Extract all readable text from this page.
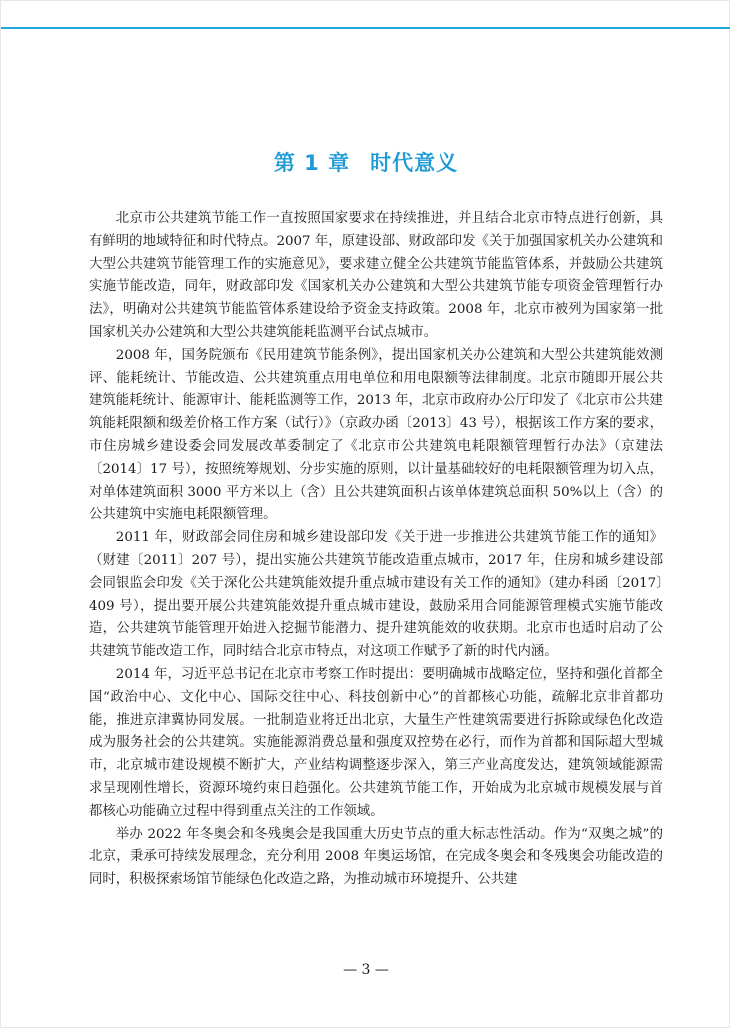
第 1 章 时代意义

北京市公共建筑节能工作一直按照国家要求在持续推进，并且结合北京市特点进行创新，具有鲜明的地域特征和时代特点。2007 年，原建设部、财政部印发《关于加强国家机关办公建筑和大型公共建筑节能管理工作的实施意见》，要求建立健全公共建筑节能监管体系，并鼓励公共建筑实施节能改造，同年，财政部印发《国家机关办公建筑和大型公共建筑节能专项资金管理暂行办法》，明确对公共建筑节能监管体系建设给予资金支持政策。2008 年，北京市被列为国家第一批国家机关办公建筑和大型公共建筑能耗监测平台试点城市。

2008 年，国务院颁布《民用建筑节能条例》，提出国家机关办公建筑和大型公共建筑能效测评、能耗统计、节能改造、公共建筑重点用电单位和用电限额等法律制度。北京市随即开展公共建筑能耗统计、能源审计、能耗监测等工作，2013 年，北京市政府办公厅印发了《北京市公共建筑能耗限额和级差价格工作方案（试行）》（京政办函〔2013〕43 号），根据该工作方案的要求，市住房城乡建设委会同发展改革委制定了《北京市公共建筑电耗限额管理暂行办法》（京建法〔2014〕17 号），按照统筹规划、分步实施的原则，以计量基础较好的电耗限额管理为切入点，对单体建筑面积 3000 平方米以上（含）且公共建筑面积占该单体建筑总面积 50%以上（含）的公共建筑中实施电耗限额管理。

2011 年，财政部会同住房和城乡建设部印发《关于进一步推进公共建筑节能工作的通知》（财建〔2011〕207 号），提出实施公共建筑节能改造重点城市，2017 年，住房和城乡建设部会同银监会印发《关于深化公共建筑能效提升重点城市建设有关工作的通知》（建办科函〔2017〕409 号），提出要开展公共建筑能效提升重点城市建设，鼓励采用合同能源管理模式实施节能改造，公共建筑节能管理开始进入挖掘节能潜力、提升建筑能效的收获期。北京市也适时启动了公共建筑节能改造工作，同时结合北京市特点，对这项工作赋予了新的时代内涵。

2014 年，习近平总书记在北京市考察工作时提出：要明确城市战略定位，坚持和强化首都全国“政治中心、文化中心、国际交往中心、科技创新中心”的首都核心功能，疏解北京非首都功能，推进京津冀协同发展。一批制造业将迁出北京，大量生产性建筑需要进行拆除或绿色化改造成为服务社会的公共建筑。实施能源消费总量和强度双控势在必行，而作为首都和国际超大型城市，北京城市建设规模不断扩大，产业结构调整逐步深入，第三产业高度发达，建筑领域能源需求呈现刚性增长，资源环境约束日趋强化。公共建筑节能工作，开始成为北京城市规模发展与首都核心功能确立过程中得到重点关注的工作领域。

举办 2022 年冬奥会和冬残奥会是我国重大历史节点的重大标志性活动。作为“双奥之城”的北京，秉承可持续发展理念，充分利用 2008 年奥运场馆，在完成冬奥会和冬残奥会功能改造的同时，积极探索场馆节能绿色化改造之路，为推动城市环境提升、公共建

— 3 —
